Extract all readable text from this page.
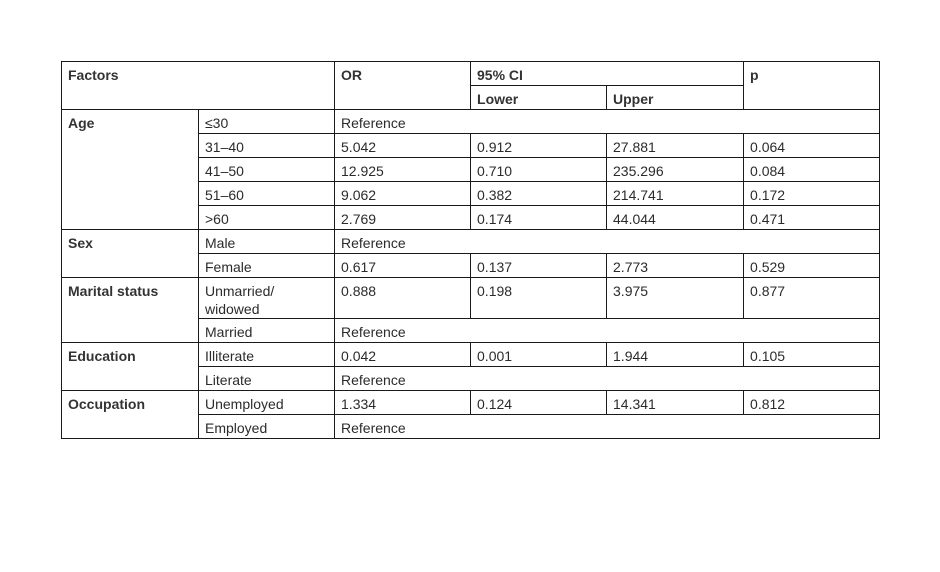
Factors		OR	95% CI		p
			Lower	Upper	
Age	≤30	Reference			
	31–40	5.042	0.912	27.881	0.064
	41–50	12.925	0.710	235.296	0.084
	51–60	9.062	0.382	214.741	0.172
	>60	2.769	0.174	44.044	0.471
Sex	Male	Reference			
	Female	0.617	0.137	2.773	0.529
Marital status	Unmarried/ widowed	0.888	0.198	3.975	0.877
	Married	Reference			
Education	Illiterate	0.042	0.001	1.944	0.105
	Literate	Reference			
Occupation	Unemployed	1.334	0.124	14.341	0.812
	Employed	Reference			
